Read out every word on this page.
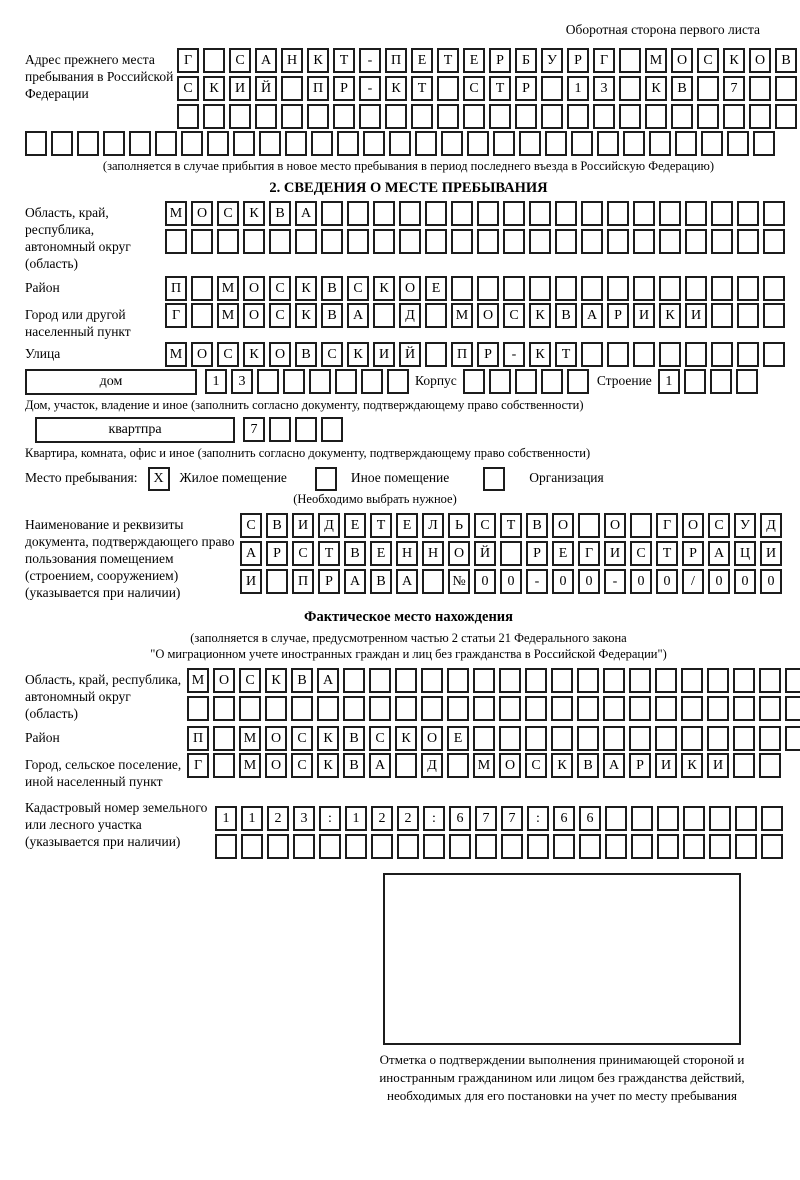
Оборотная сторона первого листа
Адрес прежнего места пребывания в Российской Федерации
Г	С	А	Н	К	Т	-	П	Е	Т	Е	Р	Б	У	Р	Г	М	О	С	К	О	В
С	К	И	Й	П	Р	-	К	Т	С	Т	Р	1	3	К	В	7
(заполняется в случае прибытия в новое место пребывания в период последнего въезда в Российскую Федерацию)
2. СВЕДЕНИЯ О МЕСТЕ ПРЕБЫВАНИЯ
Область, край, республика, автономный округ (область)
М	О	С	К	В	А
Район	П	М	О	С	К	В	С	К	О	Е
Город или другой населенный пункт
Г	М	О	С	К	В	А	Д	М	О	С	К	В	А	Р	И	К	И
Улица	М	О	С	К	О	В	С	К	И	Й	П	Р	-	К	Т
дом	1	3	Корпус	Строение 1
Дом, участок, владение и иное (заполнить согласно документу, подтверждающему право собственности)
квартпра	7
Квартира, комната, офис и иное (заполнить согласно документу, подтверждающему право собственности)
Место пребывания:	X	Жилое помещение	Иное помещение	Организация
(Необходимо выбрать нужное)
Наименование и реквизиты документа, подтверждающего право пользования помещением (строением, сооружением) (указывается при наличии)
С	В	И	Д	Е	Т	Е	Л	Ь	С	Т	В	О	О	Г	О	С	У	Д
А	Р	С	Т	В	Е	Н	Н	О	Й	Р	Е	Г	И	С	Т	Р	А	Ц	И
И	П	Р	А	В	А	№	0	0	-	0	0	-	0	0	/	0	0	0
Фактическое место нахождения
(заполняется в случае, предусмотренном частью 2 статьи 21 Федерального закона
"О миграционном учете иностранных граждан и лиц без гражданства в Российской Федерации")
Область, край, республика, автономный округ (область)
М	О	С	К	В	А
Район	П	М	О	С	К	В	С	К	О	Е
Город, сельское поселение, иной населенный пункт
Г	М	О	С	К	В	А	Д	М	О	С	К	В	А	Р	И	К	И
Кадастровый номер земельного или лесного участка (указывается при наличии)
1	1	2	3	:	1	2	2	:	6	7	7	:	6	6
Отметка о подтверждении выполнения принимающей стороной и иностранным гражданином или лицом без гражданства действий, необходимых для его постановки на учет по месту пребывания
